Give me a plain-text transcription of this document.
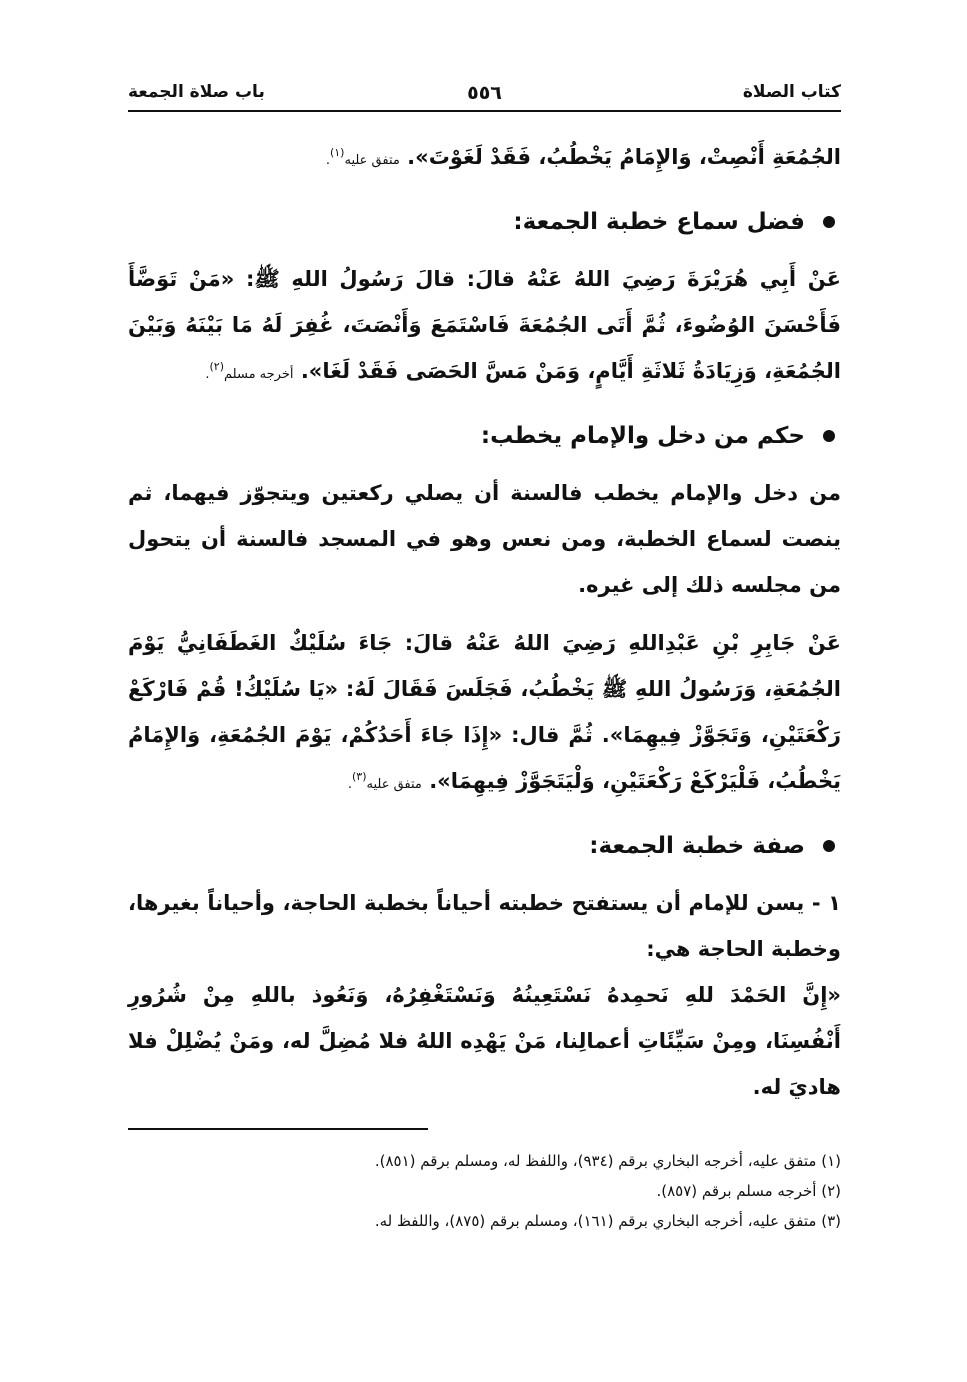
كتاب الصلاة
٥٥٦
باب صلاة الجمعة

الجُمُعَةِ أَنْصِتْ، وَالإِمَامُ يَخْطُبُ، فَقَدْ لَغَوْتَ». متفق عليه$^{(١)}$.

فضل سماع خطبة الجمعة:

عَنْ أَبِي هُرَيْرَةَ رَضِيَ اللهُ عَنْهُ قالَ: قالَ رَسُولُ اللهِ ﷺ: «مَنْ تَوَضَّأَ فَأَحْسَنَ الوُضُوءَ، ثُمَّ أَتَى الجُمُعَةَ فَاسْتَمَعَ وَأَنْصَتَ، غُفِرَ لَهُ مَا بَيْنَهُ وَبَيْنَ الجُمُعَةِ، وَزِيَادَةُ ثَلاثَةِ أَيَّامٍ، وَمَنْ مَسَّ الحَصَى فَقَدْ لَغَا». أخرجه مسلم$^{(٢)}$.

حكم من دخل والإمام يخطب:

من دخل والإمام يخطب فالسنة أن يصلي ركعتين ويتجوّز فيهما، ثم ينصت لسماع الخطبة، ومن نعس وهو في المسجد فالسنة أن يتحول من مجلسه ذلك إلى غيره.

عَنْ جَابِرِ بْنِ عَبْدِاللهِ رَضِيَ اللهُ عَنْهُ قالَ: جَاءَ سُلَيْكٌ الغَطَفَانِيُّ يَوْمَ الجُمُعَةِ، وَرَسُولُ اللهِ ﷺ يَخْطُبُ، فَجَلَسَ فَقَالَ لَهُ: «يَا سُلَيْكُ! قُمْ فَارْكَعْ رَكْعَتَيْنِ، وَتَجَوَّزْ فِيهِمَا». ثُمَّ قال: «إِذَا جَاءَ أَحَدُكُمْ، يَوْمَ الجُمُعَةِ، وَالإِمَامُ يَخْطُبُ، فَلْيَرْكَعْ رَكْعَتَيْنِ، وَلْيَتَجَوَّزْ فِيهِمَا». متفق عليه$^{(٣)}$.

صفة خطبة الجمعة:

١ - يسن للإمام أن يستفتح خطبته أحياناً بخطبة الحاجة، وأحياناً بغيرها، وخطبة الحاجة هي:

«إِنَّ الحَمْدَ للهِ نَحمِدهُ نَسْتَعِينُهُ وَنَسْتَغْفِرُهُ، وَنَعُوذ باللهِ مِنْ شُرُورِ أَنْفُسِنَا، ومِنْ سَيِّئَاتِ أعمالِنا، مَنْ يَهْدِه اللهُ فلا مُضِلَّ له، ومَنْ يُضْلِلْ فلا هاديَ له.

(١) متفق عليه، أخرجه البخاري برقم (٩٣٤)، واللفظ له، ومسلم برقم (٨٥١).

(٢) أخرجه مسلم برقم (٨٥٧).

(٣) متفق عليه، أخرجه البخاري برقم (١٦١)، ومسلم برقم (٨٧٥)، واللفظ له.
